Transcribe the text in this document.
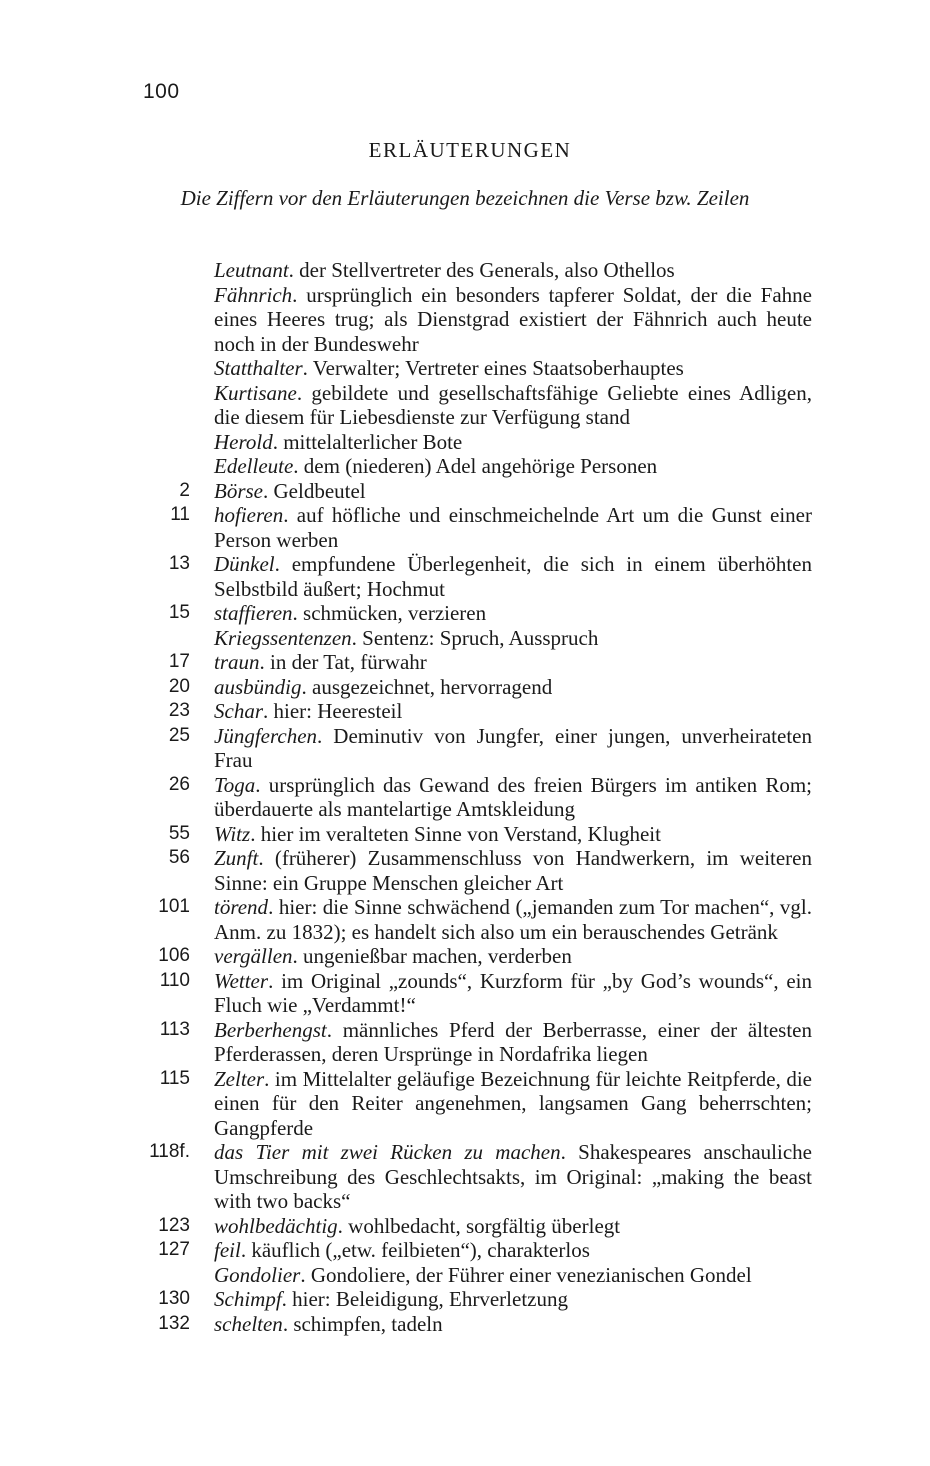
100
ERLÄUTERUNGEN
Die Ziffern vor den Erläuterungen bezeichnen die Verse bzw. Zeilen
Leutnant. der Stellvertreter des Generals, also Othellos
Fähnrich. ursprünglich ein besonders tapferer Soldat, der die Fahne eines Heeres trug; als Dienstgrad existiert der Fähnrich auch heute noch in der Bundeswehr
Statthalter. Verwalter; Vertreter eines Staatsoberhauptes
Kurtisane. gebildete und gesellschaftsfähige Geliebte eines Adligen, die diesem für Liebesdienste zur Verfügung stand
Herold. mittelalterlicher Bote
Edelleute. dem (niederen) Adel angehörige Personen
2 Börse. Geldbeutel
11 hofieren. auf höfliche und einschmeichelnde Art um die Gunst einer Person werben
13 Dünkel. empfundene Überlegenheit, die sich in einem überhöhten Selbstbild äußert; Hochmut
15 staffieren. schmücken, verzieren
Kriegssentenzen. Sentenz: Spruch, Ausspruch
17 traun. in der Tat, fürwahr
20 ausbündig. ausgezeichnet, hervorragend
23 Schar. hier: Heeresteil
25 Jüngferchen. Deminutiv von Jungfer, einer jungen, unverheirateten Frau
26 Toga. ursprünglich das Gewand des freien Bürgers im antiken Rom; überdauerte als mantelartige Amtskleidung
55 Witz. hier im veralteten Sinne von Verstand, Klugheit
56 Zunft. (früherer) Zusammenschluss von Handwerkern, im weiteren Sinne: ein Gruppe Menschen gleicher Art
101 törend. hier: die Sinne schwächend („jemanden zum Tor machen“, vgl. Anm. zu 1832); es handelt sich also um ein berauschendes Getränk
106 vergällen. ungenießbar machen, verderben
110 Wetter. im Original „zounds“, Kurzform für „by God’s wounds“, ein Fluch wie „Verdammt!“
113 Berberhengst. männliches Pferd der Berberrasse, einer der ältesten Pferderassen, deren Ursprünge in Nordafrika liegen
115 Zelter. im Mittelalter geläufige Bezeichnung für leichte Reitpferde, die einen für den Reiter angenehmen, langsamen Gang beherrschten; Gangpferde
118f. das Tier mit zwei Rücken zu machen. Shakespeares anschauliche Umschreibung des Geschlechtsakts, im Original: „making the beast with two backs“
123 wohlbedächtig. wohlbedacht, sorgfältig überlegt
127 feil. käuflich („etw. feilbieten“), charakterlos
Gondolier. Gondoliere, der Führer einer venezianischen Gondel
130 Schimpf. hier: Beleidigung, Ehrverletzung
132 schelten. schimpfen, tadeln
